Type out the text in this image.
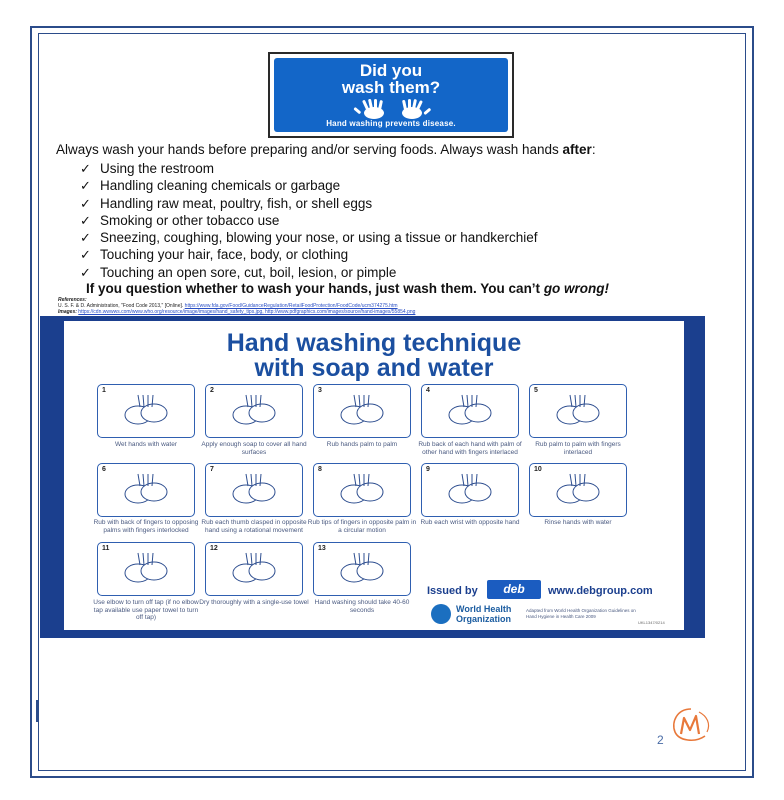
Did you
wash them?
Hand washing prevents disease.
Always wash your hands before preparing and/or serving foods. Always wash hands after:
✓ Using the restroom
✓ Handling cleaning chemicals or garbage
✓ Handling raw meat, poultry, fish, or shell eggs
✓ Smoking or other tobacco use
✓ Sneezing, coughing, blowing your nose, or using a tissue or handkerchief
✓ Touching your hair, face, body, or clothing
✓ Touching an open sore, cut, boil, lesion, or pimple
If you question whether to wash your hands, just wash them. You can’t go wrong!
References:
U. S. F. & D. Administration, "Food Code 2013," [Online]. https://www.fda.gov/Food/GuidanceRegulation/RetailFoodProtection/FoodCode/ucm374275.htm
Images: https://cdn.wwwws.com/www.who.org/resource/image/images/hand_safety_tips.jpg, http://www.pdfgraphics.com/images/source/hand-images/55854.png
Hand washing technique
with soap and water
1
Wet hands with water
2
Apply enough soap to cover all hand surfaces
3
Rub hands palm to palm
4
Rub back of each hand with palm of other hand with fingers interlaced
5
Rub palm to palm with fingers interlaced
6
Rub with back of fingers to opposing palms with fingers interlocked
7
Rub each thumb clasped in opposite hand using a rotational movement
8
Rub tips of fingers in opposite palm in a circular motion
9
Rub each wrist with opposite hand
10
Rinse hands with water
11
Use elbow to turn off tap (if no elbow tap available use paper towel to turn off tap)
12
Dry thoroughly with a single-use towel
13
Hand washing should take 40-60 seconds
Issued by	deb	www.debgroup.com
World Health
Organization
Adapted from World Health Organization Guidelines on Hand Hygiene in Health Care 2009
UKL1347/0214
2
